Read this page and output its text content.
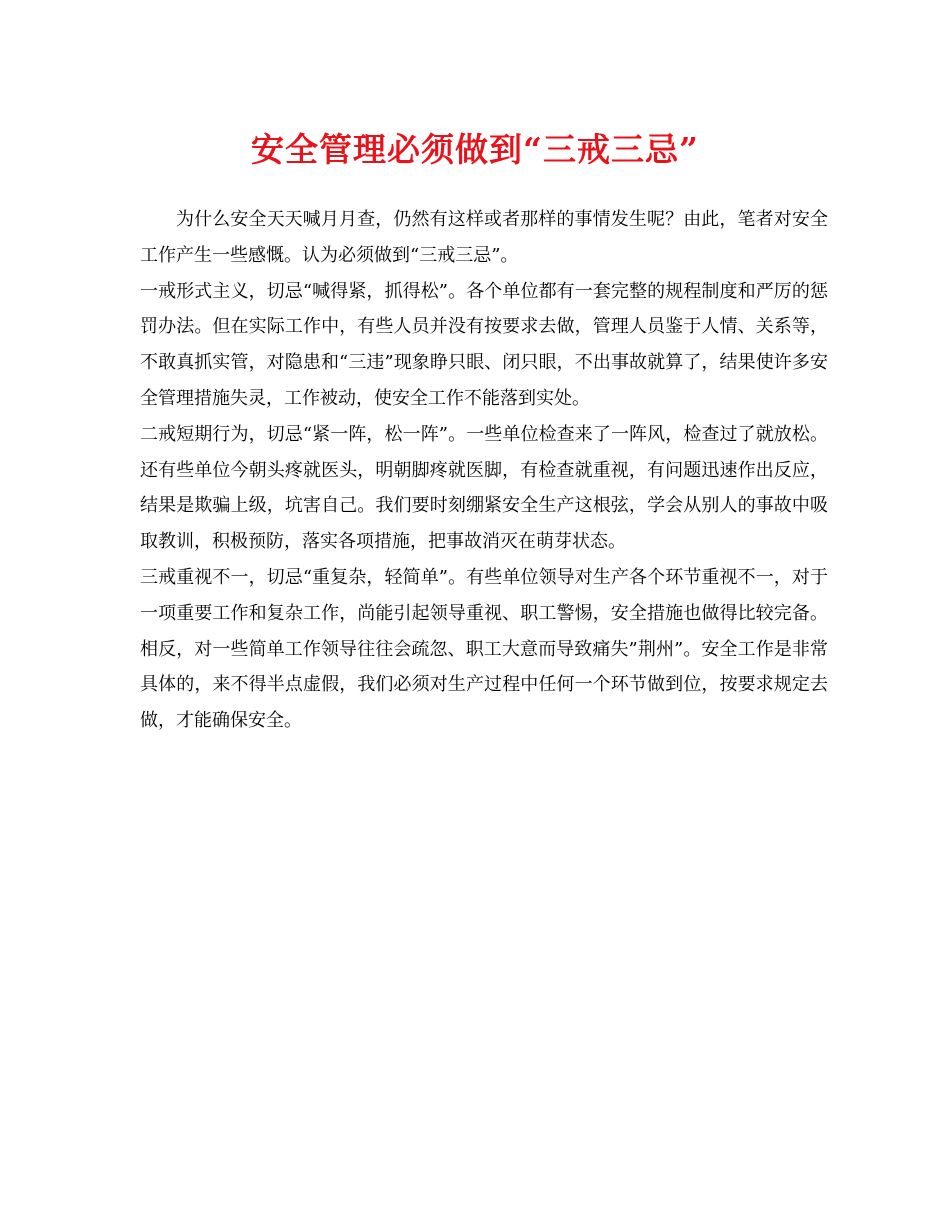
安全管理必须做到“三戒三忌”

为什么安全天天喊月月查，仍然有这样或者那样的事情发生呢？由此，笔者对安全工作产生一些感慨。认为必须做到“三戒三忌”。

一戒形式主义，切忌“喊得紧，抓得松”。各个单位都有一套完整的规程制度和严厉的惩罚办法。但在实际工作中，有些人员并没有按要求去做，管理人员鉴于人情、关系等，不敢真抓实管，对隐患和“三违”现象睁只眼、闭只眼，不出事故就算了，结果使许多安全管理措施失灵，工作被动，使安全工作不能落到实处。

二戒短期行为，切忌“紧一阵，松一阵”。一些单位检查来了一阵风，检查过了就放松。还有些单位今朝头疼就医头，明朝脚疼就医脚，有检查就重视，有问题迅速作出反应，结果是欺骗上级，坑害自己。我们要时刻绷紧安全生产这根弦，学会从别人的事故中吸取教训，积极预防，落实各项措施，把事故消灭在萌芽状态。

三戒重视不一，切忌“重复杂，轻简单”。有些单位领导对生产各个环节重视不一，对于一项重要工作和复杂工作，尚能引起领导重视、职工警惕，安全措施也做得比较完备。相反，对一些简单工作领导往往会疏忽、职工大意而导致痛失”荆州”。安全工作是非常具体的，来不得半点虚假，我们必须对生产过程中任何一个环节做到位，按要求规定去做，才能确保安全。
